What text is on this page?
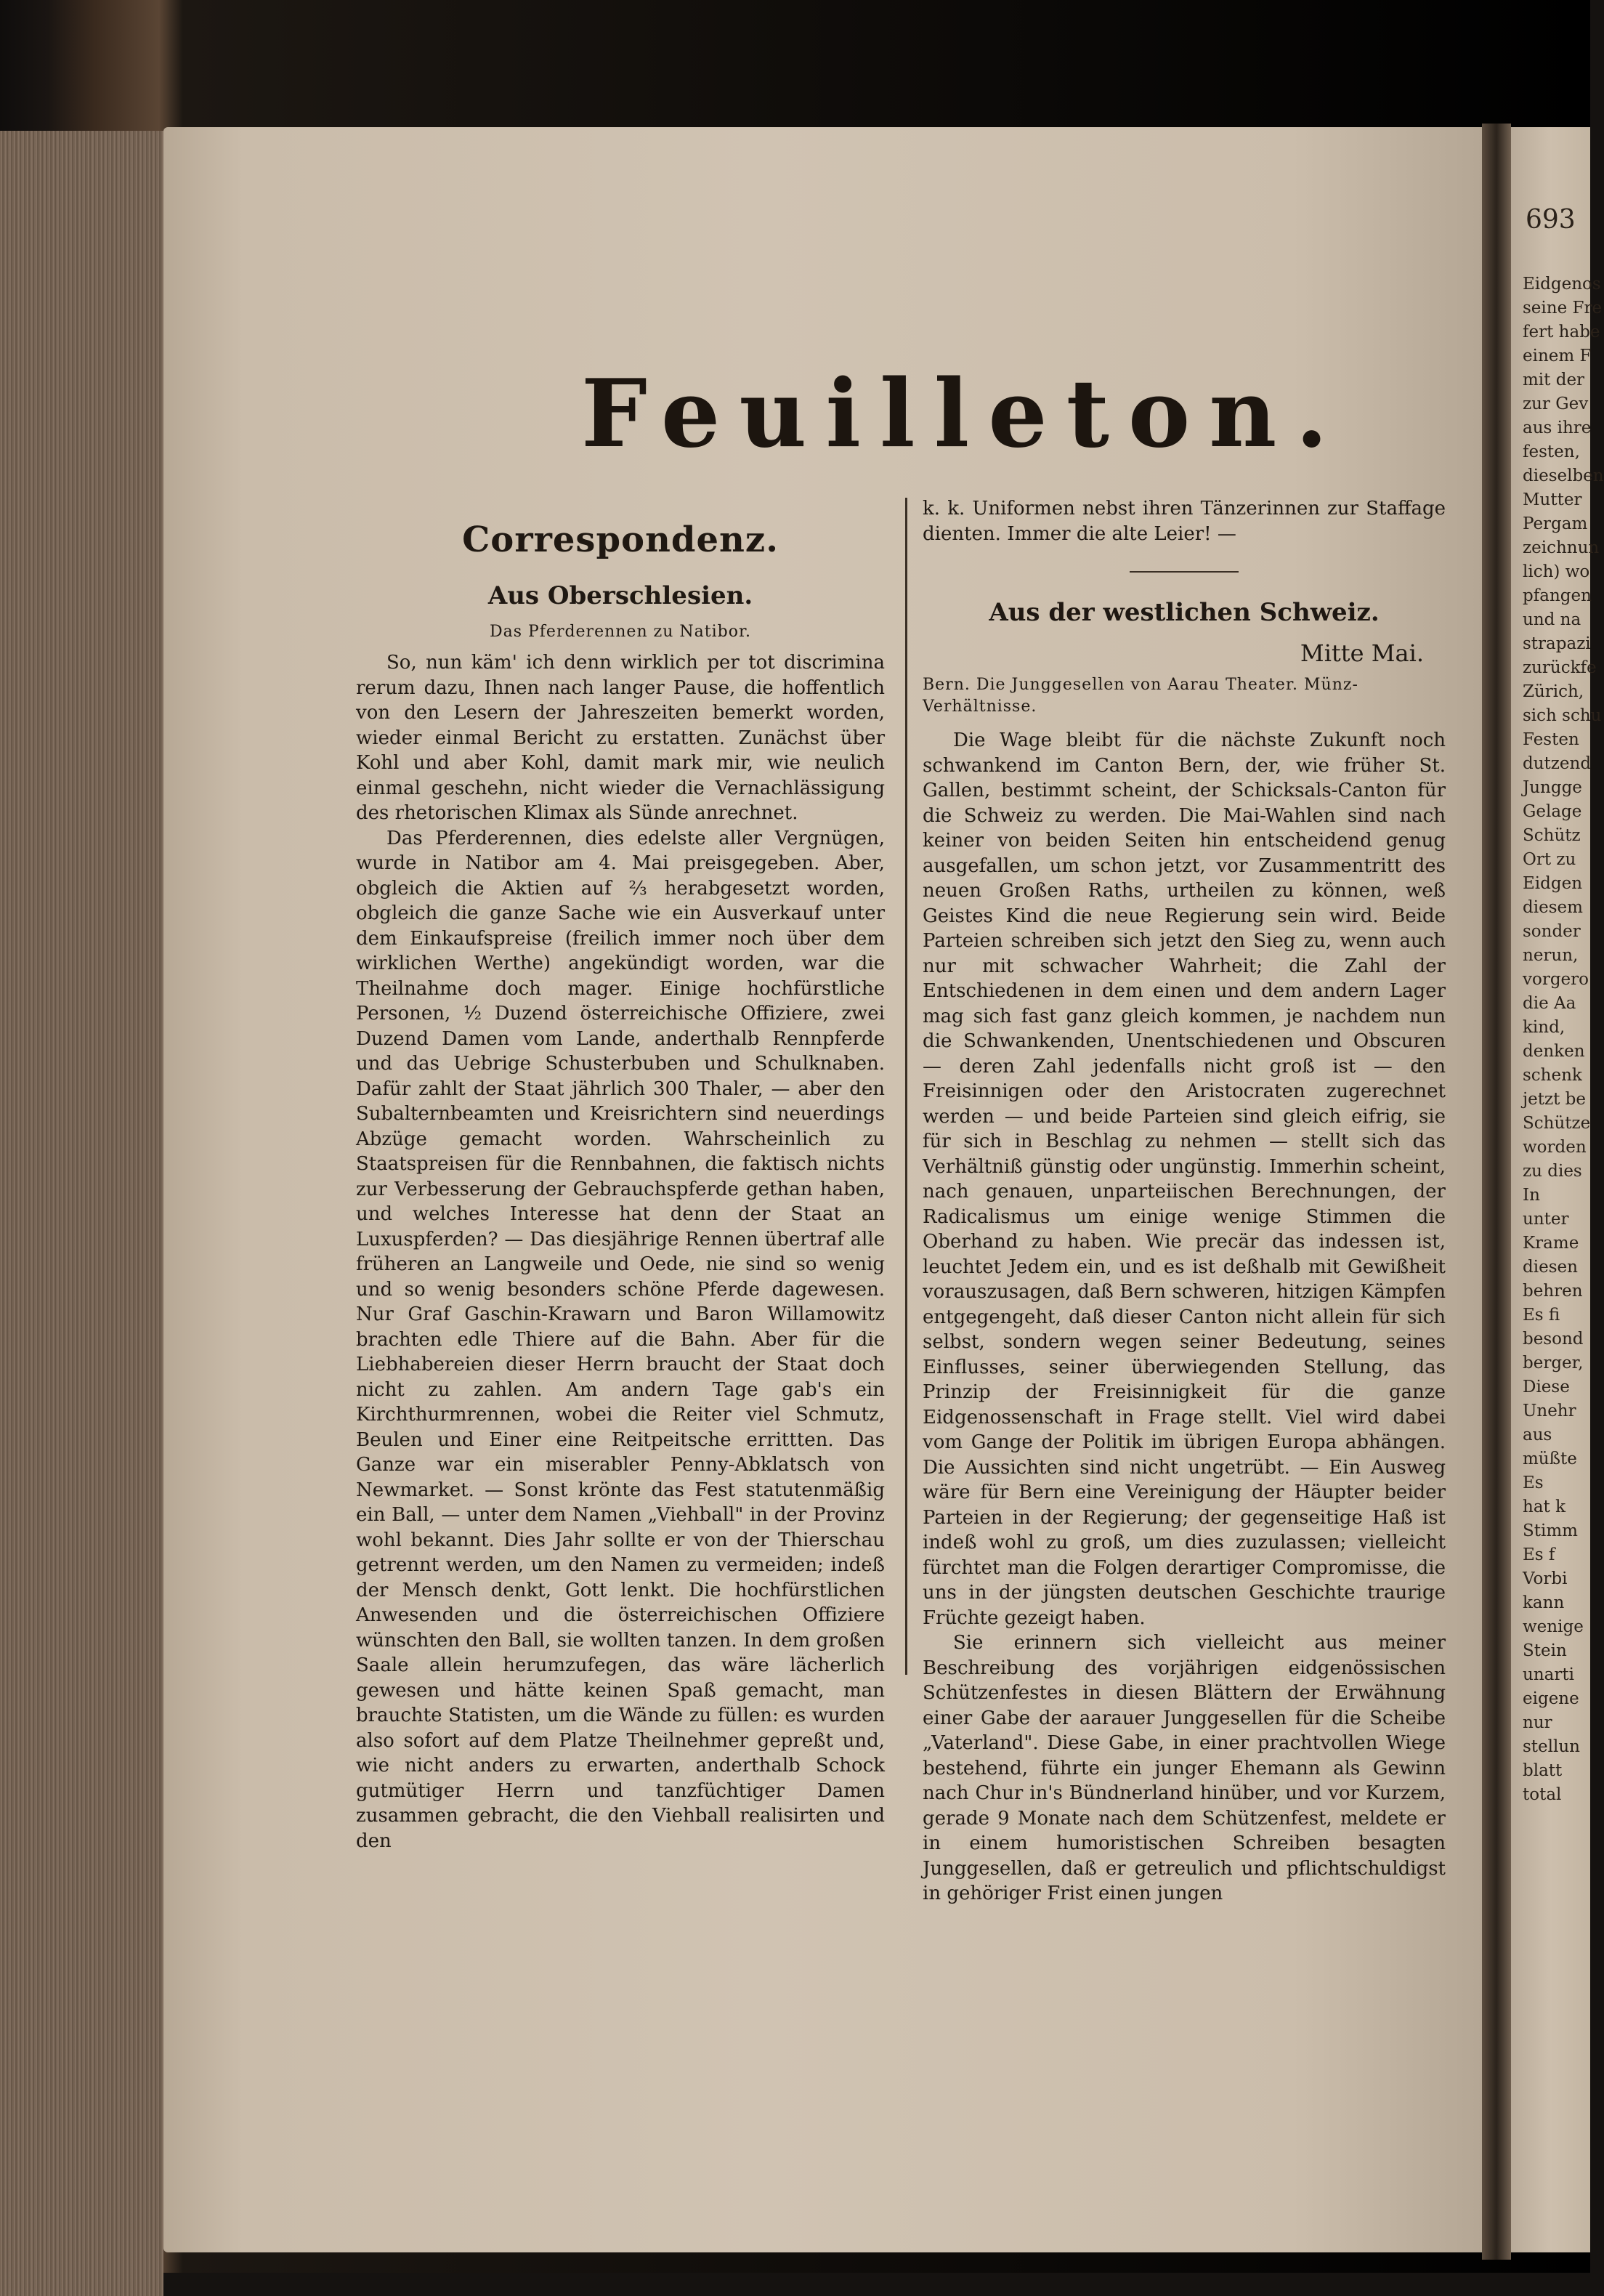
Eidgenos
seine Fre
fert habe
einem F
mit der
zur Gev
aus ihre
festen,
dieselben
Mutter
Pergam
zeichnun
lich) wo
pfangen
und na
strapazi
zurückfe
Zürich,
sich schu
Festen
dutzend
Jungge
Gelage
Schütz
Ort zu
Eidgen
diesem
sonder
nerun,
vorgero
die Aa
kind,
denken
schenk
jetzt be
Schütze
worden
zu dies
In
unter
Krame
diesen
behren
Es fi
besond
berger,
Diese
Unehr
aus
müßte
Es
hat k
Stimm
Es f
Vorbi
kann
wenige
Stein
unarti
eigene
nur
stellun
blatt
total
693
Feuilleton.
Correspondenz.
Aus Oberschlesien.
Das Pferderennen zu Natibor.

So, nun käm' ich denn wirklich per tot discrimina rerum dazu, Ihnen nach langer Pause, die hoffentlich von den Lesern der Jahreszeiten bemerkt worden, wieder einmal Bericht zu erstatten. Zunächst über Kohl und aber Kohl, damit mark mir, wie neulich einmal geschehn, nicht wieder die Vernachlässigung des rhetorischen Klimax als Sünde anrechnet.

Das Pferderennen, dies edelste aller Vergnügen, wurde in Natibor am 4. Mai preisgegeben. Aber, obgleich die Aktien auf ⅔ herabgesetzt worden, obgleich die ganze Sache wie ein Ausverkauf unter dem Einkaufspreise (freilich immer noch über dem wirklichen Werthe) angekündigt worden, war die Theilnahme doch mager. Einige hochfürstliche Personen, ½ Duzend österreichische Offiziere, zwei Duzend Damen vom Lande, anderthalb Rennpferde und das Uebrige Schusterbuben und Schulknaben. Dafür zahlt der Staat jährlich 300 Thaler, — aber den Subalternbeamten und Kreisrichtern sind neuerdings Abzüge gemacht worden. Wahrscheinlich zu Staatspreisen für die Rennbahnen, die faktisch nichts zur Verbesserung der Gebrauchspferde gethan haben, und welches Interesse hat denn der Staat an Luxuspferden? — Das diesjährige Rennen übertraf alle früheren an Langweile und Oede, nie sind so wenig und so wenig besonders schöne Pferde dagewesen. Nur Graf Gaschin-Krawarn und Baron Willamowitz brachten edle Thiere auf die Bahn. Aber für die Liebhabereien dieser Herrn braucht der Staat doch nicht zu zahlen. Am andern Tage gab's ein Kirchthurmrennen, wobei die Reiter viel Schmutz, Beulen und Einer eine Reitpeitsche errittten. Das Ganze war ein miserabler Penny-Abklatsch von Newmarket. — Sonst krönte das Fest statutenmäßig ein Ball, — unter dem Namen „Viehball" in der Provinz wohl bekannt. Dies Jahr sollte er von der Thierschau getrennt werden, um den Namen zu vermeiden; indeß der Mensch denkt, Gott lenkt. Die hochfürstlichen Anwesenden und die österreichischen Offiziere wünschten den Ball, sie wollten tanzen. In dem großen Saale allein herumzufegen, das wäre lächerlich gewesen und hätte keinen Spaß gemacht, man brauchte Statisten, um die Wände zu füllen: es wurden also sofort auf dem Platze Theilnehmer gepreßt und, wie nicht anders zu erwarten, anderthalb Schock gutmütiger Herrn und tanzfüchtiger Damen zusammen gebracht, die den Viehball realisirten und den

k. k. Uniformen nebst ihren Tänzerinnen zur Staffage dienten. Immer die alte Leier! —

Aus der westlichen Schweiz.
Mitte Mai.
Bern. Die Junggesellen von Aarau Theater. Münz-Verhältnisse.

Die Wage bleibt für die nächste Zukunft noch schwankend im Canton Bern, der, wie früher St. Gallen, bestimmt scheint, der Schicksals-Canton für die Schweiz zu werden. Die Mai-Wahlen sind nach keiner von beiden Seiten hin entscheidend genug ausgefallen, um schon jetzt, vor Zusammentritt des neuen Großen Raths, urtheilen zu können, weß Geistes Kind die neue Regierung sein wird. Beide Parteien schreiben sich jetzt den Sieg zu, wenn auch nur mit schwacher Wahrheit; die Zahl der Entschiedenen in dem einen und dem andern Lager mag sich fast ganz gleich kommen, je nachdem nun die Schwankenden, Unentschiedenen und Obscuren — deren Zahl jedenfalls nicht groß ist — den Freisinnigen oder den Aristocraten zugerechnet werden — und beide Parteien sind gleich eifrig, sie für sich in Beschlag zu nehmen — stellt sich das Verhältniß günstig oder ungünstig. Immerhin scheint, nach genauen, unparteiischen Berechnungen, der Radicalismus um einige wenige Stimmen die Oberhand zu haben. Wie precär das indessen ist, leuchtet Jedem ein, und es ist deßhalb mit Gewißheit vorauszusagen, daß Bern schweren, hitzigen Kämpfen entgegengeht, daß dieser Canton nicht allein für sich selbst, sondern wegen seiner Bedeutung, seines Einflusses, seiner überwiegenden Stellung, das Prinzip der Freisinnigkeit für die ganze Eidgenossenschaft in Frage stellt. Viel wird dabei vom Gange der Politik im übrigen Europa abhängen. Die Aussichten sind nicht ungetrübt. — Ein Ausweg wäre für Bern eine Vereinigung der Häupter beider Parteien in der Regierung; der gegenseitige Haß ist indeß wohl zu groß, um dies zuzulassen; vielleicht fürchtet man die Folgen derartiger Compromisse, die uns in der jüngsten deutschen Geschichte traurige Früchte gezeigt haben.

Sie erinnern sich vielleicht aus meiner Beschreibung des vorjährigen eidgenössischen Schützenfestes in diesen Blättern der Erwähnung einer Gabe der aarauer Junggesellen für die Scheibe „Vaterland". Diese Gabe, in einer prachtvollen Wiege bestehend, führte ein junger Ehemann als Gewinn nach Chur in's Bündnerland hinüber, und vor Kurzem, gerade 9 Monate nach dem Schützenfest, meldete er in einem humoristischen Schreiben besagten Junggesellen, daß er getreulich und pflichtschuldigst in gehöriger Frist einen jungen
